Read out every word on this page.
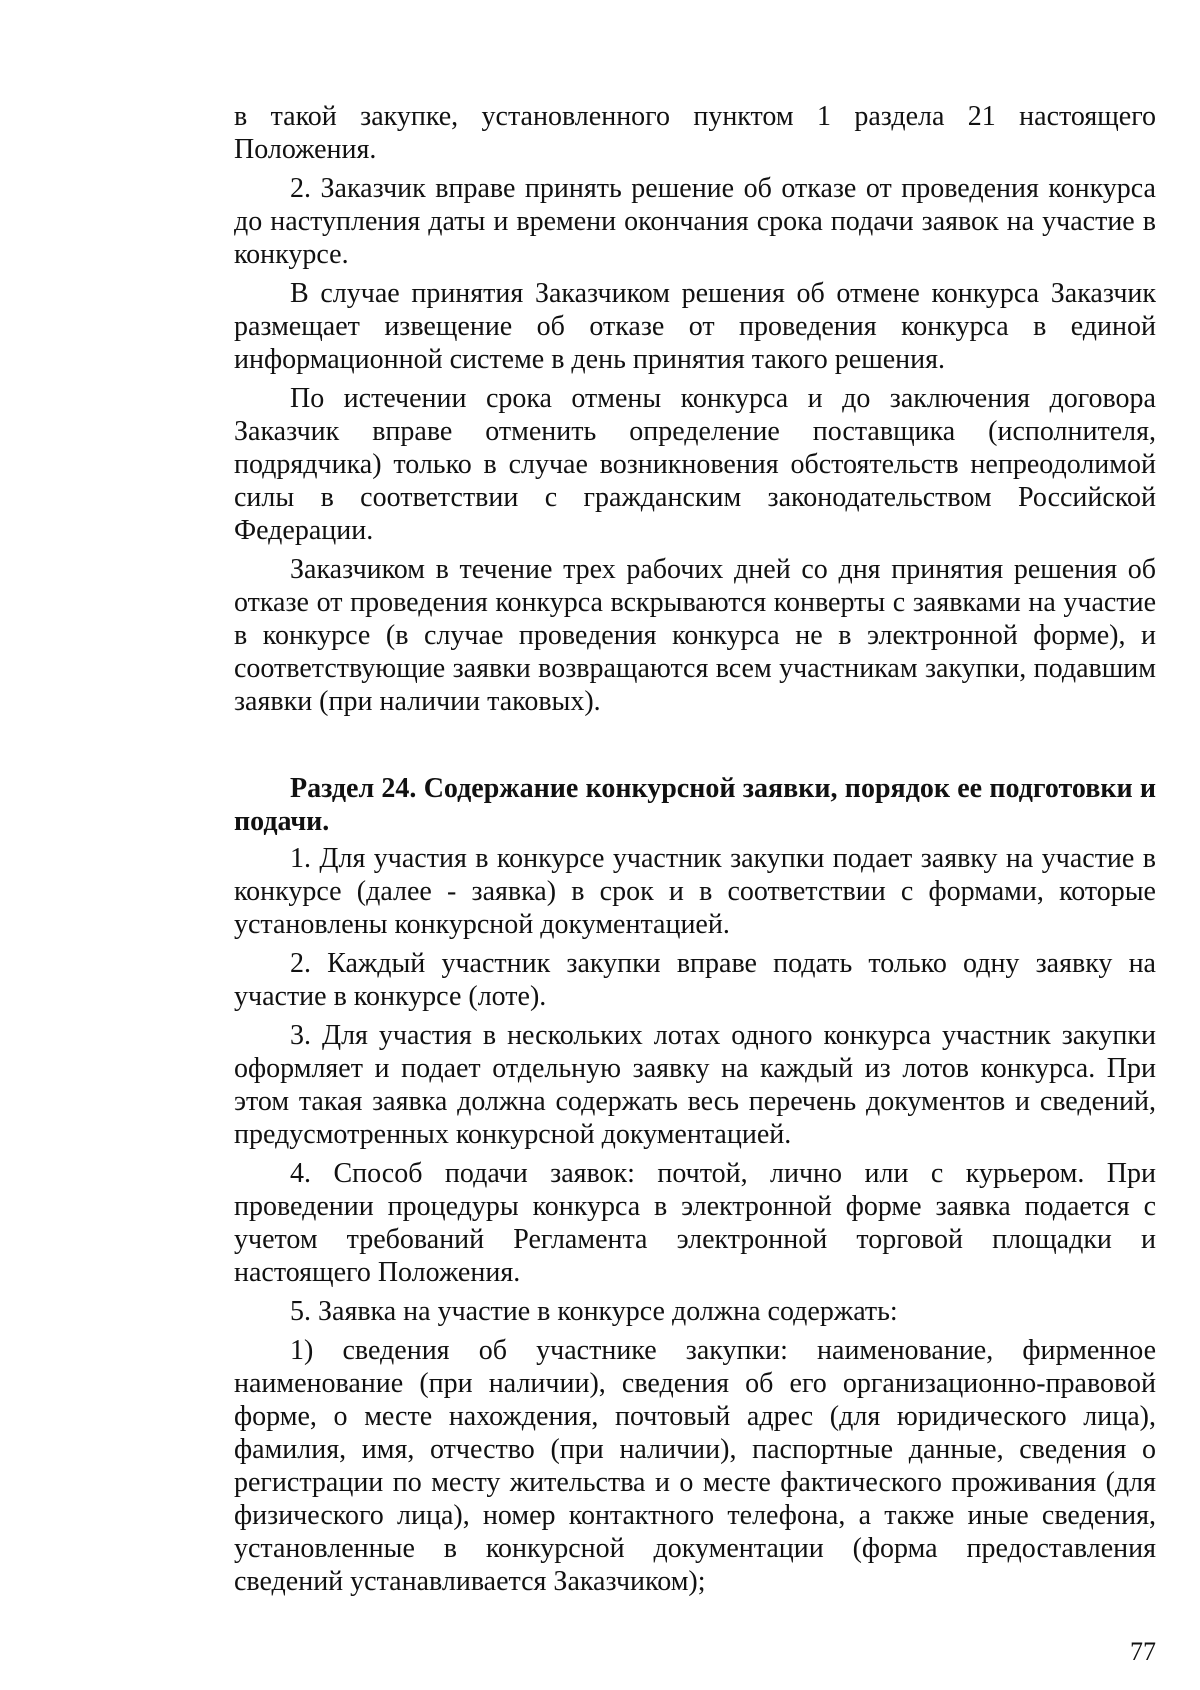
в такой закупке, установленного пунктом 1 раздела 21 настоящего Положения.

2. Заказчик вправе принять решение об отказе от проведения конкурса до наступления даты и времени окончания срока подачи заявок на участие в конкурсе.

В случае принятия Заказчиком решения об отмене конкурса Заказчик размещает извещение об отказе от проведения конкурса в единой информационной системе в день принятия такого решения.

По истечении срока отмены конкурса и до заключения договора Заказчик вправе отменить определение поставщика (исполнителя, подрядчика) только в случае возникновения обстоятельств непреодолимой силы в соответствии с гражданским законодательством Российской Федерации.

Заказчиком в течение трех рабочих дней со дня принятия решения об отказе от проведения конкурса вскрываются конверты с заявками на участие в конкурсе (в случае проведения конкурса не в электронной форме), и соответствующие заявки возвращаются всем участникам закупки, подавшим заявки (при наличии таковых).

Раздел 24. Содержание конкурсной заявки, порядок ее подготовки и подачи.

1. Для участия в конкурсе участник закупки подает заявку на участие в конкурсе (далее - заявка) в срок и в соответствии с формами, которые установлены конкурсной документацией.

2. Каждый участник закупки вправе подать только одну заявку на участие в конкурсе (лоте).

3. Для участия в нескольких лотах одного конкурса участник закупки оформляет и подает отдельную заявку на каждый из лотов конкурса. При этом такая заявка должна содержать весь перечень документов и сведений, предусмотренных конкурсной документацией.

4. Способ подачи заявок: почтой, лично или с курьером. При проведении процедуры конкурса в электронной форме заявка подается с учетом требований Регламента электронной торговой площадки и настоящего Положения.

5. Заявка на участие в конкурсе должна содержать:

1) сведения об участнике закупки: наименование, фирменное наименование (при наличии), сведения об его организационно-правовой форме, о месте нахождения, почтовый адрес (для юридического лица), фамилия, имя, отчество (при наличии), паспортные данные, сведения о регистрации по месту жительства и о месте фактического проживания (для физического лица), номер контактного телефона, а также иные сведения, установленные в конкурсной документации (форма предоставления сведений устанавливается Заказчиком);

77
